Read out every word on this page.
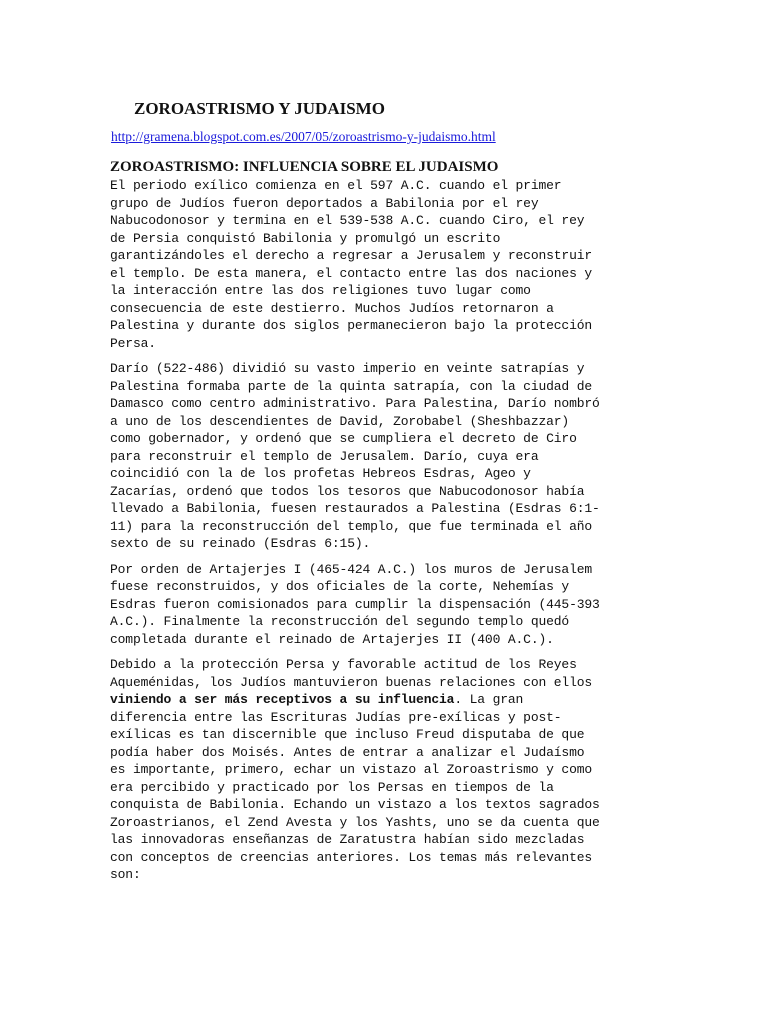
ZOROASTRISMO Y JUDAISMO
http://gramena.blogspot.com.es/2007/05/zoroastrismo-y-judaismo.html
ZOROASTRISMO: INFLUENCIA SOBRE EL JUDAISMO

El periodo exílico comienza en el 597 A.C. cuando el primer
grupo de Judíos fueron deportados a Babilonia por el rey
Nabucodonosor y termina en el 539-538 A.C. cuando Ciro, el rey
de Persia conquistó Babilonia y promulgó un escrito
garantizándoles el derecho a regresar a Jerusalem y reconstruir
el templo. De esta manera, el contacto entre las dos naciones y
la interacción entre las dos religiones tuvo lugar como
consecuencia de este destierro. Muchos Judíos retornaron a
Palestina y durante dos siglos permanecieron bajo la protección
Persa.

Darío (522-486) dividió su vasto imperio en veinte satrapías y
Palestina formaba parte de la quinta satrapía, con la ciudad de
Damasco como centro administrativo. Para Palestina, Darío nombró
a uno de los descendientes de David, Zorobabel (Sheshbazzar)
como gobernador, y ordenó que se cumpliera el decreto de Ciro
para reconstruir el templo de Jerusalem. Darío, cuya era
coincidió con la de los profetas Hebreos Esdras, Ageo y
Zacarías, ordenó que todos los tesoros que Nabucodonosor había
llevado a Babilonia, fuesen restaurados a Palestina (Esdras 6:1-
11) para la reconstrucción del templo, que fue terminada el año
sexto de su reinado (Esdras 6:15).

Por orden de Artajerjes I (465-424 A.C.) los muros de Jerusalem
fuese reconstruidos, y dos oficiales de la corte, Nehemías y
Esdras fueron comisionados para cumplir la dispensación (445-393
A.C.). Finalmente la reconstrucción del segundo templo quedó
completada durante el reinado de Artajerjes II (400 A.C.).

Debido a la protección Persa y favorable actitud de los Reyes
Aqueménidas, los Judíos mantuvieron buenas relaciones con ellos
viniendo a ser más receptivos a su influencia. La gran
diferencia entre las Escrituras Judías pre-exílicas y post-
exílicas es tan discernible que incluso Freud disputaba de que
podía haber dos Moisés. Antes de entrar a analizar el Judaísmo
es importante, primero, echar un vistazo al Zoroastrismo y como
era percibido y practicado por los Persas en tiempos de la
conquista de Babilonia. Echando un vistazo a los textos sagrados
Zoroastrianos, el Zend Avesta y los Yashts, uno se da cuenta que
las innovadoras enseñanzas de Zaratustra habían sido mezcladas
con conceptos de creencias anteriores. Los temas más relevantes
son:
